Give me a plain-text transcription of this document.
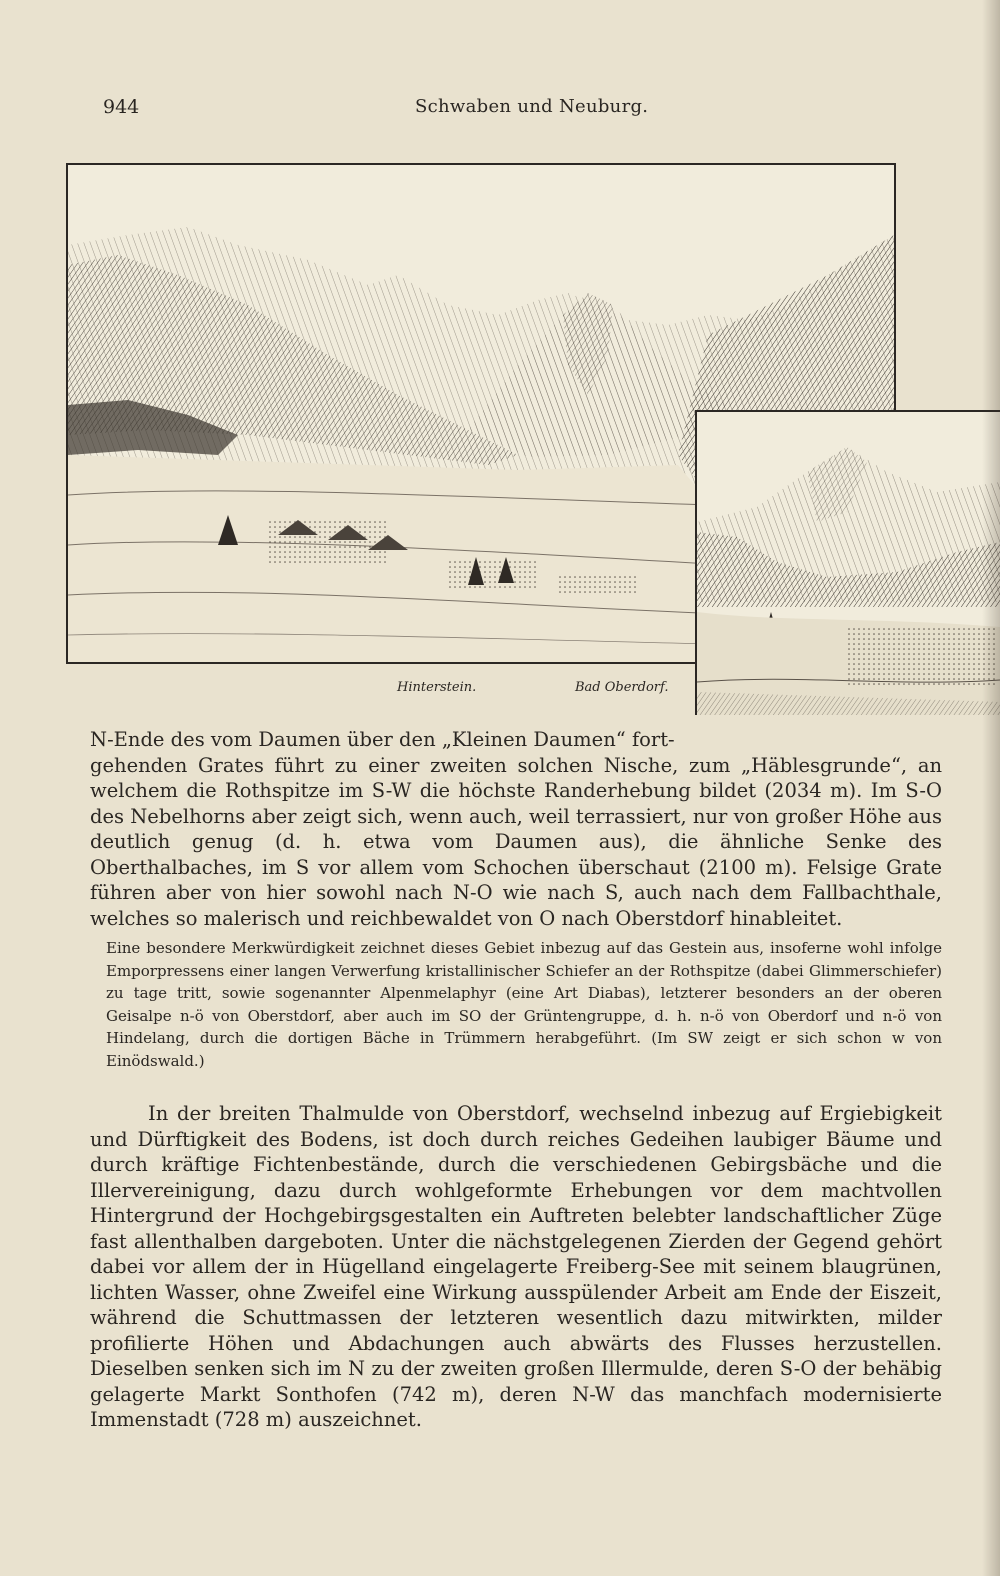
944	Schwaben und Neuburg.
Hinterstein.	Bad Oberdorf.
N-Ende des vom Daumen über den „Kleinen Daumen“ fort-
gehenden Grates führt zu einer zweiten solchen Nische, zum „Häblesgrunde“, an welchem die Rothspitze im S-W die höchste Randerhebung bildet (2034 m). Im S-O des Nebelhorns aber zeigt sich, wenn auch, weil terrassiert, nur von großer Höhe aus deutlich genug (d. h. etwa vom Daumen aus), die ähnliche Senke des Oberthalbaches, im S vor allem vom Schochen überschaut (2100 m). Felsige Grate führen aber von hier sowohl nach N-O wie nach S, auch nach dem Fallbachthale, welches so malerisch und reichbewaldet von O nach Oberstdorf hinableitet.
Eine besondere Merkwürdigkeit zeichnet dieses Gebiet inbezug auf das Gestein aus, insoferne wohl infolge Emporpressens einer langen Verwerfung kristallinischer Schiefer an der Rothspitze (dabei Glimmerschiefer) zu tage tritt, sowie sogenannter Alpenmelaphyr (eine Art Diabas), letzterer besonders an der oberen Geisalpe n-ö von Oberstdorf, aber auch im SO der Grüntengruppe, d. h. n-ö von Oberdorf und n-ö von Hindelang, durch die dortigen Bäche in Trümmern herabgeführt. (Im SW zeigt er sich schon w von Einödswald.)
In der breiten Thalmulde von Oberstdorf, wechselnd inbezug auf Ergiebigkeit und Dürftigkeit des Bodens, ist doch durch reiches Gedeihen laubiger Bäume und durch kräftige Fichtenbestände, durch die verschiedenen Gebirgsbäche und die Illervereinigung, dazu durch wohlgeformte Erhebungen vor dem machtvollen Hintergrund der Hochgebirgsgestalten ein Auftreten belebter landschaftlicher Züge fast allenthalben dargeboten. Unter die nächstgelegenen Zierden der Gegend gehört dabei vor allem der in Hügelland eingelagerte Freiberg-See mit seinem blaugrünen, lichten Wasser, ohne Zweifel eine Wirkung ausspülender Arbeit am Ende der Eiszeit, während die Schuttmassen der letzteren wesentlich dazu mitwirkten, milder profilierte Höhen und Abdachungen auch abwärts des Flusses herzustellen. Dieselben senken sich im N zu der zweiten großen Illermulde, deren S-O der behäbig gelagerte Markt Sonthofen (742 m), deren N-W das manchfach modernisierte Immenstadt (728 m) auszeichnet.
